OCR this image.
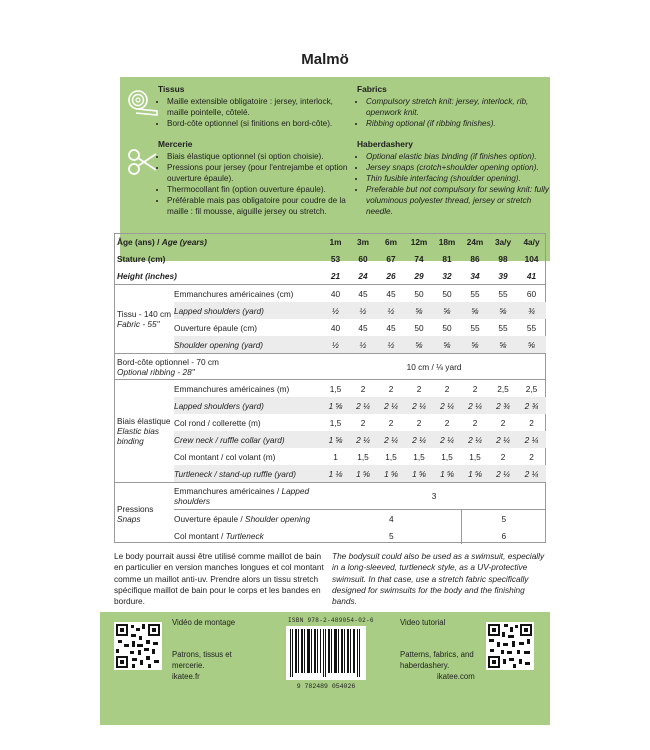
Malmö
Tissus
• Maille extensible obligatoire : jersey, interlock, maille pointelle, côtelé.
• Bord-côte optionnel (si finitions en bord-côte).
Mercerie
• Biais élastique optionnel (si option choisie).
• Pressions pour jersey (pour l'entrejambe et option ouverture épaule).
• Thermocollant fin (option ouverture épaule).
• Préférable mais pas obligatoire pour coudre de la maille : fil mousse, aiguille jersey ou stretch.
Fabrics
• Compulsory stretch knit: jersey, interlock, rib, openwork knit.
• Ribbing optional (if ribbing finishes).
Haberdashery
• Optional elastic bias binding (if finishes option).
• Jersey snaps (crotch+shoulder opening option).
• Thin fusible interfacing (shoulder opening).
• Preferable but not compulsory for sewing knit: fully voluminous polyester thread, jersey or stretch needle.
Âge (ans) / Age (years)		1m	3m	6m	12m	18m	24m	3a/y	4a/y
Stature (cm)		53	60	67	74	81	86	98	104
Height (inches)		21	24	26	29	32	34	39	41
Tissu - 140 cm
Fabric - 55"	Emmanchures américaines (cm)	40	45	45	50	50	55	55	60
	Lapped shoulders (yard)	½	½	½	⅝	⅝	⅝	⅝	¾
	Ouverture épaule (cm)	40	45	45	50	50	55	55	55
	Shoulder opening (yard)	½	½	½	⅝	⅝	⅝	⅝	⅝
Bord-côte optionnel - 70 cm
Optional ribbing - 28"		10 cm / ⅛ yard							
Biais élastique
Elastic bias binding	Emmanchures américaines (m)	1,5	2	2	2	2	2	2,5	2,5
	Lapped shoulders (yard)	1 ⅝	2 ¼	2 ¼	2 ¼	2 ¼	2 ¼	2 ¾	2 ¾
	Col rond / collerette (m)	1,5	2	2	2	2	2	2	2
	Crew neck / ruffle collar (yard)	1 ⅝	2 ¼	2 ¼	2 ¼	2 ¼	2 ¼	2 ¼	2 ¼
	Col montant / col volant (m)	1	1,5	1,5	1,5	1,5	1,5	2	2
	Turtleneck / stand-up ruffle (yard)	1 ⅛	1 ⅝	1 ⅝	1 ⅝	1 ⅝	1 ⅝	2 ¼	2 ¼
Pressions
Snaps	Emmanchures américaines / Lapped shoulders	3							
	Ouverture épaule / Shoulder opening	4					5		
	Col montant / Turtleneck	5					6		
Le body pourrait aussi être utilisé comme maillot de bain en particulier en version manches longues et col montant comme un maillot anti-uv. Prendre alors un tissu stretch spécifique maillot de bain pour le corps et les bandes en bordure.
The bodysuit could also be used as a swimsuit, especially in a long-sleeved, turtleneck style, as a UV-protective swimsuit. In that case, use a stretch fabric specifically designed for swimsuits for the body and the finishing bands.
Vidéo de montage
Patrons, tissus et mercerie.
ikatee.fr
ISBN 978-2-489054-02-6
9 782489 054026
Video tutorial
Patterns, fabrics, and haberdashery.
ikatee.com
